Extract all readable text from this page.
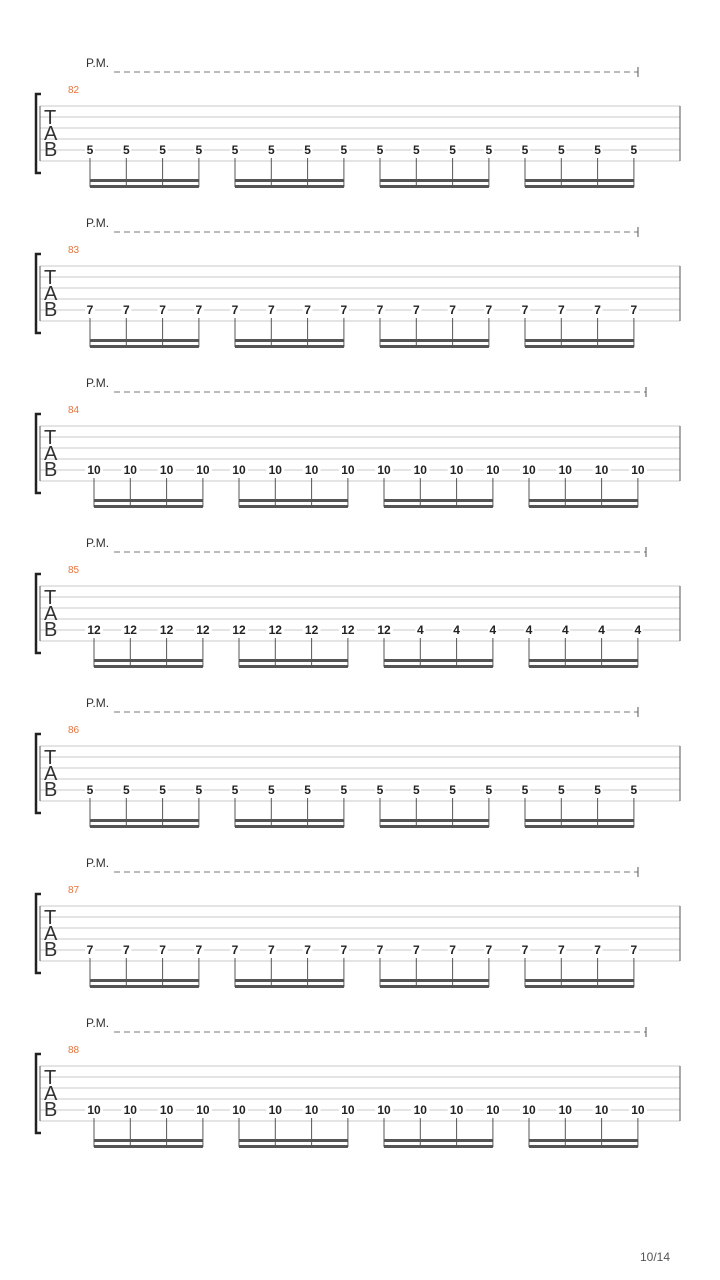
P.M.
82
T
A
B 5 5 5 5 5 5 5 5 5 5 5 5 5 5 5 5
P.M.
83
T
A
B 7 7 7 7 7 7 7 7 7 7 7 7 7 7 7 7
P.M.
84
T
A
B 10 10 10 10 10 10 10 10 10 10 10 10 10 10 10 10
P.M.
85
T
A
B 12 12 12 12 12 12 12 12 12 4 4 4 4 4 4 4
P.M.
86
T
A
B 5 5 5 5 5 5 5 5 5 5 5 5 5 5 5 5
P.M.
87
T
A
B 7 7 7 7 7 7 7 7 7 7 7 7 7 7 7 7
P.M.
88
T
A
B 10 10 10 10 10 10 10 10 10 10 10 10 10 10 10 10
10/14
